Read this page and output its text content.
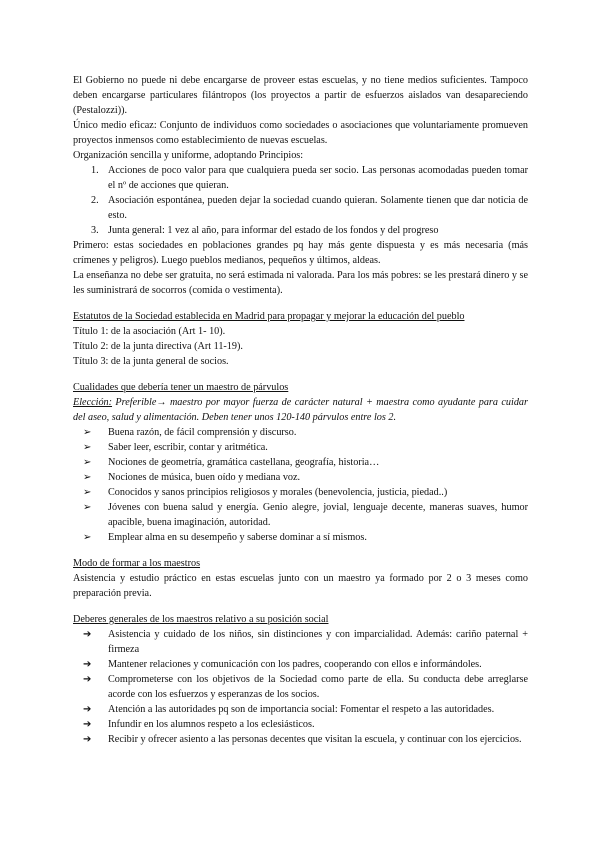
El Gobierno no puede ni debe encargarse de proveer estas escuelas, y no tiene medios suficientes. Tampoco deben encargarse particulares filántropos (los proyectos a partir de esfuerzos aislados van desapareciendo (Pestalozzi)).

Único medio eficaz: Conjunto de individuos como sociedades o asociaciones que voluntariamente promueven proyectos inmensos como establecimiento de nuevas escuelas.

Organización sencilla y uniforme, adoptando Principios:

1. Acciones de poco valor para que cualquiera pueda ser socio. Las personas acomodadas pueden tomar el nº de acciones que quieran.
2. Asociación espontánea, pueden dejar la sociedad cuando quieran. Solamente tienen que dar noticia de esto.
3. Junta general: 1 vez al año, para informar del estado de los fondos y del progreso

Primero: estas sociedades en poblaciones grandes pq hay más gente dispuesta y es más necesaria (más crímenes y peligros). Luego pueblos medianos, pequeños y últimos, aldeas.

La enseñanza no debe ser gratuita, no será estimada ni valorada. Para los más pobres: se les prestará dinero y se les suministrará de socorros (comida o vestimenta).

Estatutos de la Sociedad establecida en Madrid para propagar y mejorar la educación del pueblo

Título 1: de la asociación (Art 1- 10).

Título 2: de la junta directiva (Art 11-19).

Título 3: de la junta general de socios.

Cualidades que debería tener un maestro de párvulos

Elección: Preferible→ maestro por mayor fuerza de carácter natural + maestra como ayudante para cuidar del aseo, salud y alimentación. Deben tener unos 120-140 párvulos entre los 2.

➢ Buena razón, de fácil comprensión y discurso.
➢ Saber leer, escribir, contar y aritmética.
➢ Nociones de geometría, gramática castellana, geografía, historia…
➢ Nociones de música, buen oído y mediana voz.
➢ Conocidos y sanos principios religiosos y morales (benevolencia, justicia, piedad..)
➢ Jóvenes con buena salud y energía. Genio alegre, jovial, lenguaje decente, maneras suaves, humor apacible, buena imaginación, autoridad.
➢ Emplear alma en su desempeño y saberse dominar a sí mismos.

Modo de formar a los maestros

Asistencia y estudio práctico en estas escuelas junto con un maestro ya formado por 2 o 3 meses como preparación previa.

Deberes generales de los maestros relativo a su posición social

➔ Asistencia y cuidado de los niños, sin distinciones y con imparcialidad. Además: cariño paternal + firmeza
➔ Mantener relaciones y comunicación con los padres, cooperando con ellos e informándoles.
➔ Comprometerse con los objetivos de la Sociedad como parte de ella. Su conducta debe arreglarse acorde con los esfuerzos y esperanzas de los socios.
➔ Atención a las autoridades pq son de importancia social: Fomentar el respeto a las autoridades.
➔ Infundir en los alumnos respeto a los eclesiásticos.
➔ Recibir y ofrecer asiento a las personas decentes que visitan la escuela, y continuar con los ejercicios.
